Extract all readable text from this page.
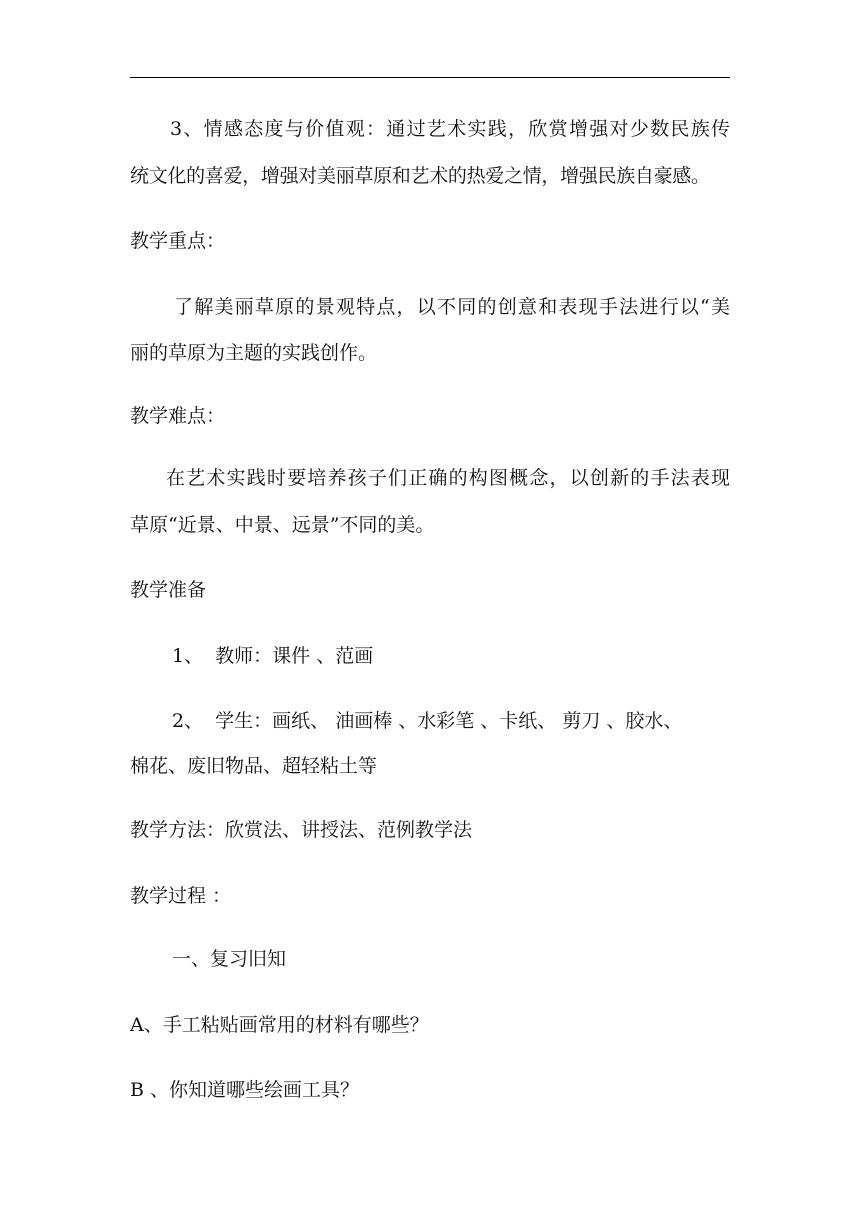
3、情感态度与价值观：通过艺术实践，欣赏增强对少数民族传
统文化的喜爱，增强对美丽草原和艺术的热爱之情，增强民族自豪感。
教学重点：
了解美丽草原的景观特点，以不同的创意和表现手法进行以“美
丽的草原为主题的实践创作。
教学难点：
在艺术实践时要培养孩子们正确的构图概念，以创新的手法表现
草原“近景、中景、远景”不同的美。
教学准备
1、  教师：课件 、范画
2、  学生：画纸、 油画棒 、水彩笔 、卡纸、 剪刀 、胶水、
棉花、废旧物品、超轻粘土等
教学方法：欣赏法、讲授法、范例教学法
教学过程 ：
一、复习旧知
A、手工粘贴画常用的材料有哪些？
B 、你知道哪些绘画工具？
